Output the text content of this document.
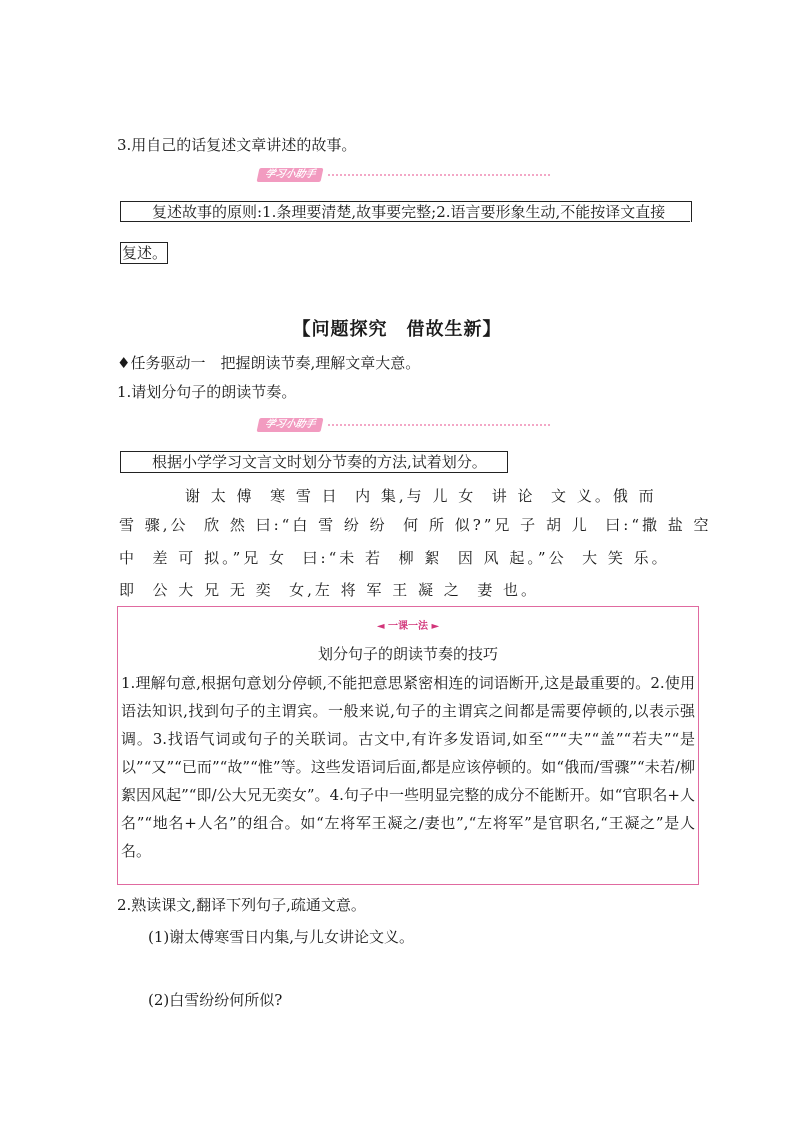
3.用自己的话复述文章讲述的故事。
学习小助手
复述故事的原则:1.条理要清楚,故事要完整;2.语言要形象生动,不能按译文直接
复述。
【问题探究　借故生新】
♦任务驱动一　把握朗读节奏,理解文章大意。
1.请划分句子的朗读节奏。
学习小助手
根据小学学习文言文时划分节奏的方法,试着划分。
谢 太 傅  寒 雪 日  内 集,与 儿 女  讲 论  文 义。俄 而
雪 骤,公  欣 然 曰:“白 雪 纷 纷  何 所 似?”兄 子 胡 儿  曰:“撒 盐 空
中  差 可 拟。”兄 女  曰:“未 若  柳 絮  因 风 起。”公  大 笑 乐。
即  公 大 兄 无 奕  女,左 将 军 王 凝 之  妻 也。
◄ 一课一法 ►
划分句子的朗读节奏的技巧
1.理解句意,根据句意划分停顿,不能把意思紧密相连的词语断开,这是最重要的。2.使用语法知识,找到句子的主谓宾。一般来说,句子的主谓宾之间都是需要停顿的,以表示强调。3.找语气词或句子的关联词。古文中,有许多发语词,如至“”“夫”“盖”“若夫”“是以”“又”“已而”“故”“惟”等。这些发语词后面,都是应该停顿的。如“俄而/雪骤”“未若/柳絮因风起”“即/公大兄无奕女”。4.句子中一些明显完整的成分不能断开。如“官职名+人名”“地名+人名”的组合。如“左将军王凝之/妻也”,“左将军”是官职名,“王凝之”是人名。
2.熟读课文,翻译下列句子,疏通文意。
(1)谢太傅寒雪日内集,与儿女讲论文义。
(2)白雪纷纷何所似?
